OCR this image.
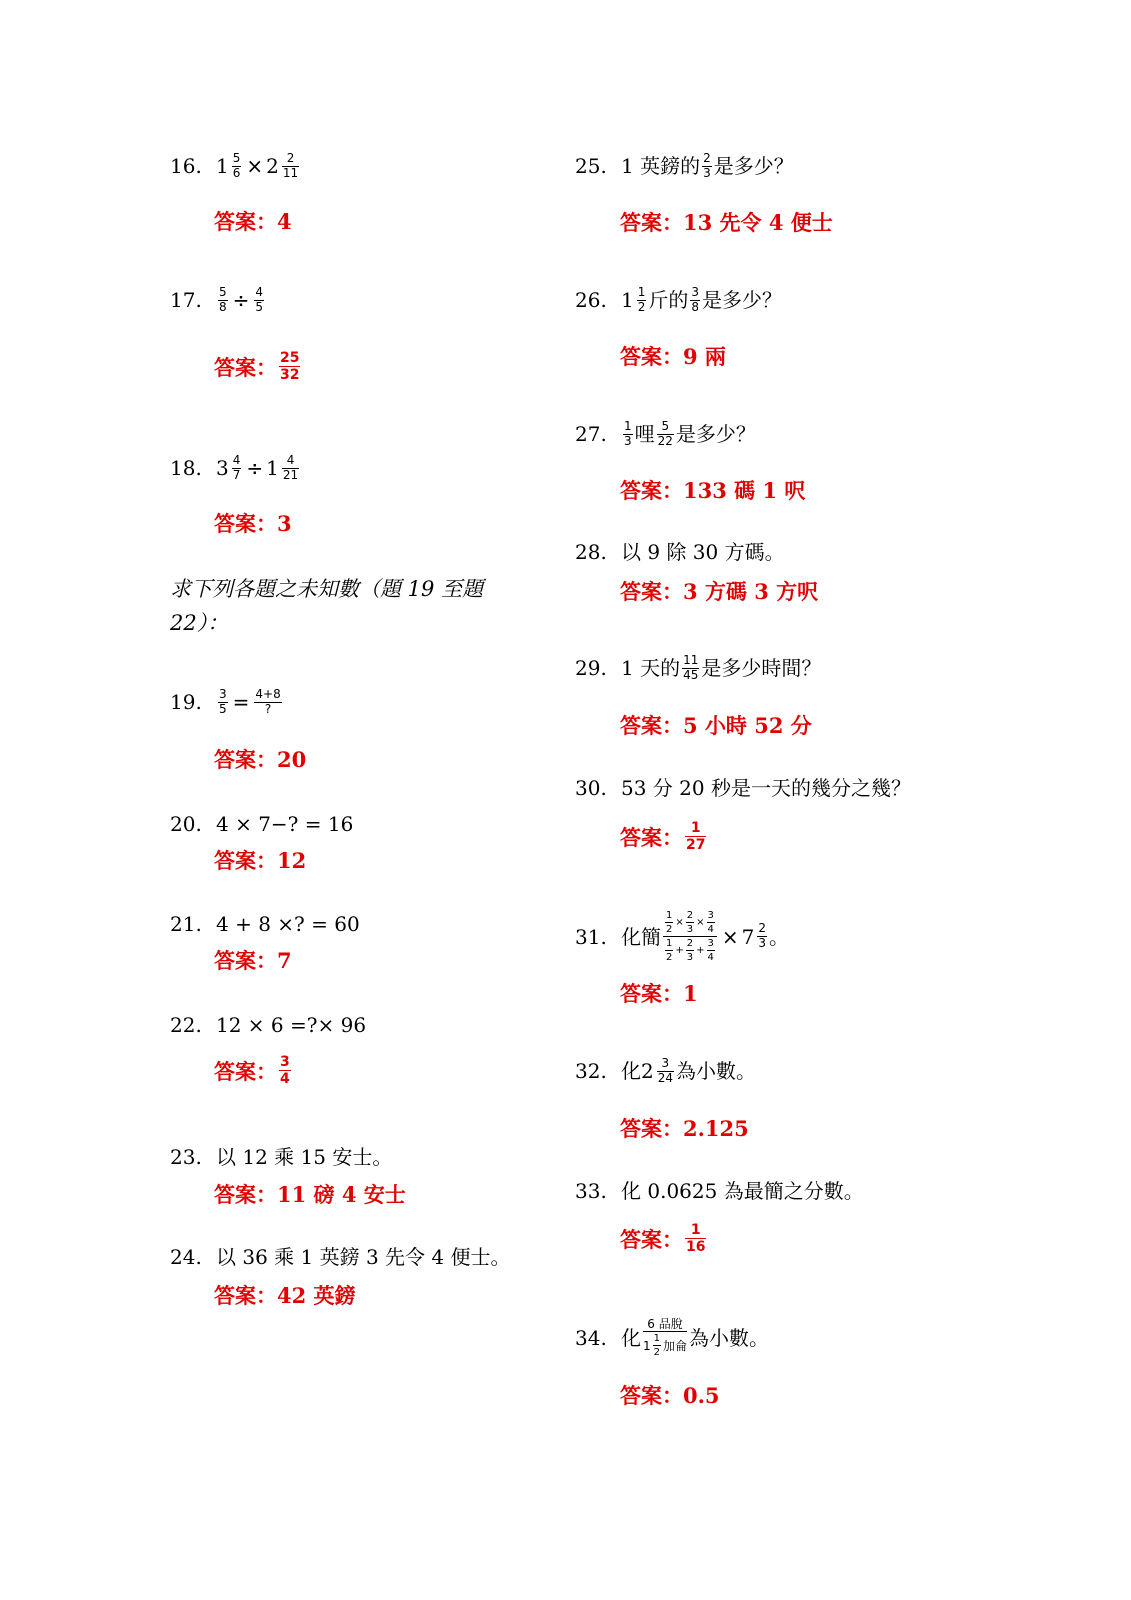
16. $1 \frac{5}{6} \times 2 \frac{2}{11}$
答案： 4
17.	$\frac{5}{8} \div \frac{4}{5}$
答案： $\frac{25}{32}$
18. $3 \frac{4}{7} \div 1 \frac{4}{21}$
答案： 3
求下列各題之未知數（題 19 至題 22）：
19.	$\frac{3}{5} = \frac{4+8}{?}$
答案： 20
20. 4 × 7−? = 16
答案： 12
21. 4 + 8 ×? = 60
答案： 7
22. 12 × 6 =?× 96
答案： $\frac{3}{4}$
23. 以 12 乘 15 安士。
答案： 11 磅 4 安士
24. 以 36 乘 1 英鎊 3 先令 4 便士。
答案： 42 英鎊
25. 1 英鎊的 $\frac{2}{3}$ 是多少？
答案： 13 先令 4 便士
26. $1 \frac{1}{2}$ 斤的 $\frac{3}{8}$ 是多少？
答案： 9 兩
27.	$\frac{1}{3}$ 哩 $\frac{5}{22}$ 是多少？
答案： 133 碼 1 呎
28. 以 9 除 30 方碼。
答案： 3 方碼 3 方呎
29. 1 天的 $\frac{11}{45}$ 是多少時間？
答案： 5 小時 52 分
30. 53 分 20 秒是一天的幾分之幾？
答案： $\frac{1}{27}$
31. 化簡
$\frac{1}{2} \times \frac{2}{3} \times \frac{3}{4}$
$\frac{1}{2} + \frac{2}{3} + \frac{3}{4}$
× $7 \frac{2}{3}$ 。
答案： 1
32. 化 $2 \frac{3}{24}$ 為小數。
答案： 2.125
33. 化 0.0625 為最簡之分數。
答案： $\frac{1}{16}$
34. 化
6 品脫
$1 \frac{1}{2}$ 加侖 為小數。
答案： 0.5
